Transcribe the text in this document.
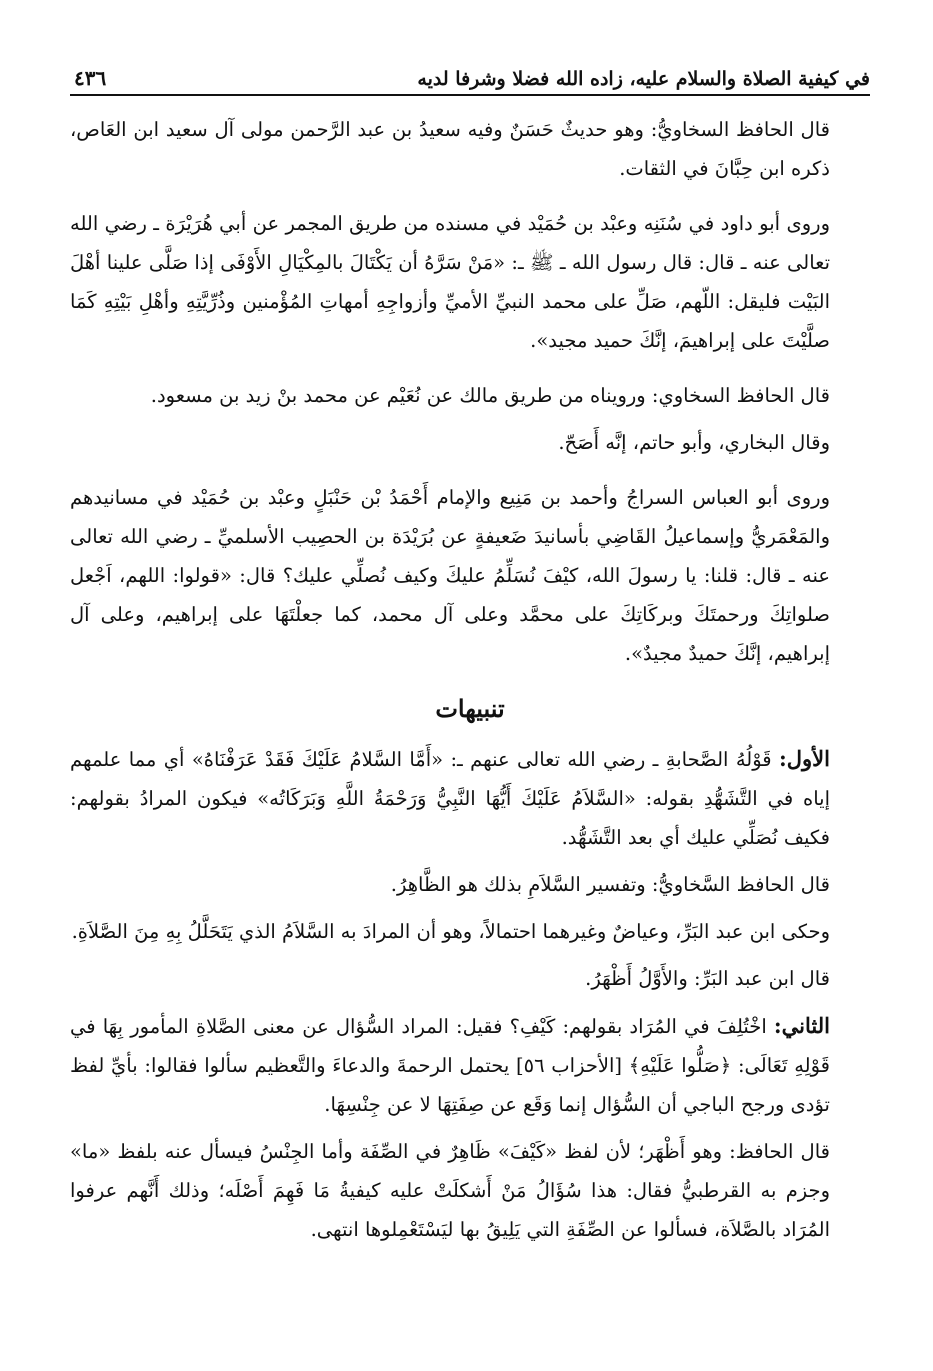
في كيفية الصلاة والسلام عليه، زاده الله فضلا وشرفا لديه
٤٣٦

قال الحافظ السخاويُّ: وهو حديثٌ حَسَنٌ وفيه سعيدُ بن عبد الرَّحمن مولى آل سعيد ابن العَاص، ذكره ابن حِبَّانَ في الثقات.

وروى أبو داود في سُنَنِه وعبْد بن حُمَيْد في مسنده من طريق المجمر عن أبي هُرَيْرَة ـ رضي الله تعالى عنه ـ قال: قال رسول الله ـ ﷺ ـ: «مَنْ سَرَّهُ أن يَكْتَالَ بالمِكْيَالِ الأَوْفَى إذا صَلَّى علينا أهْلَ البَيْت فليقل: اللّهم، صَلِّ على محمد النبيِّ الأميِّ وأزواجِهِ أمهاتِ المُؤْمنين وذُرِّيَّتِهِ وأهْلِ بَيْتِهِ كَمَا صلَّيْتَ على إبراهيمَ، إنَّكَ حميد مجيد».

قال الحافظ السخاوي: ورويناه من طريق مالك عن نُعَيْم عن محمد بنْ زيد بن مسعود.

وقال البخاري، وأبو حاتم، إنَّه أَصَحّ.

وروى أبو العباس السراجُ وأحمد بن مَنِيع والإمام أَحْمَدُ بْن حَنْبَلٍ وعبْد بن حُمَيْد في مسانيدهم والمَعْمَريُّ وإسماعيلُ القَاضِي بأسانيدَ ضَعيفةٍ عن بُرَيْدَة بن الحصِيب الأسلميِّ ـ رضي الله تعالى عنه ـ قال: قلنا: يا رسولَ الله، كيْفَ نُسَلِّمُ عليكَ وكيف نُصلِّي عليك؟ قال: «قولوا: اللهم، اَجْعل صلواتِكَ ورحمتَكَ وبركَاتِكَ على محمَّد وعلى آل محمد، كما جعلْتَهَا على إبراهيم، وعلى آل إبراهيم، إنَّكَ حميدٌ مجيدٌ».

تنبيهات

الأول: قَوْلُهُ الصَّحابةِ ـ رضي الله تعالى عنهم ـ: «أَمَّا السَّلامُ عَلَيْكَ فَقَدْ عَرَفْنَاهُ» أي مما علمهم إياه في التَّشَهُّدِ بقوله: «السَّلاَمُ عَلَيْكَ أَيُّهَا النَّبِيُّ وَرَحْمَةُ اللَّهِ وَبَرَكَاتُه» فيكون المرادُ بقولهم: فكيف نُصَلِّي عليك أي بعد التَّشَهُّد.

قال الحافظ السَّخاويُّ: وتفسير السَّلاَمِ بذلك هو الظَّاهِرُ.

وحكى ابن عبد البَرِّ، وعياضٌ وغيرهما احتمالاً، وهو أن المرادَ به السَّلاَمُ الذي يَتَحَلَّلُ بِهِ مِنَ الصَّلاَةِ.

قال ابن عبد البَرِّ: والأَوَّلُ أَظْهَرُ.

الثاني: اخْتُلِفَ في المُرَاد بقولهم: كَيْفِ؟ فقيل: المراد السُّؤال عن معنى الصَّلاةِ المأمور بِهَا في قَوْلِهِ تَعَالَى: ﴿صَلُّوا عَلَيْهِ﴾ [الأحزاب ٥٦] يحتمل الرحمةَ والدعاءَ والتَّعظيم سألوا فقالوا: بأيِّ لفظ تؤدى ورجح الباجي أن السُّؤال إنما وَقَع عن صِفَتِهَا لا عن جِنْسِهَا.

قال الحافظ: وهو أَظْهَر؛ لأن لفظ «كَيْفَ» ظَاهِرٌ في الصِّفَة وأما الجِنْسُ فيسأل عنه بلفظ «ما» وجزم به القرطبيُّ فقال: هذا سُؤَالُ مَنْ أَشكلَتْ عليه كيفيةُ مَا فَهِمَ أَصْلَه؛ وذلك أَنَّهم عرفوا المُرَاد بالصَّلاَة، فسألوا عن الصِّفَةِ التي يَلِيقُ بها ليَسْتَعْمِلوها انتهى.
